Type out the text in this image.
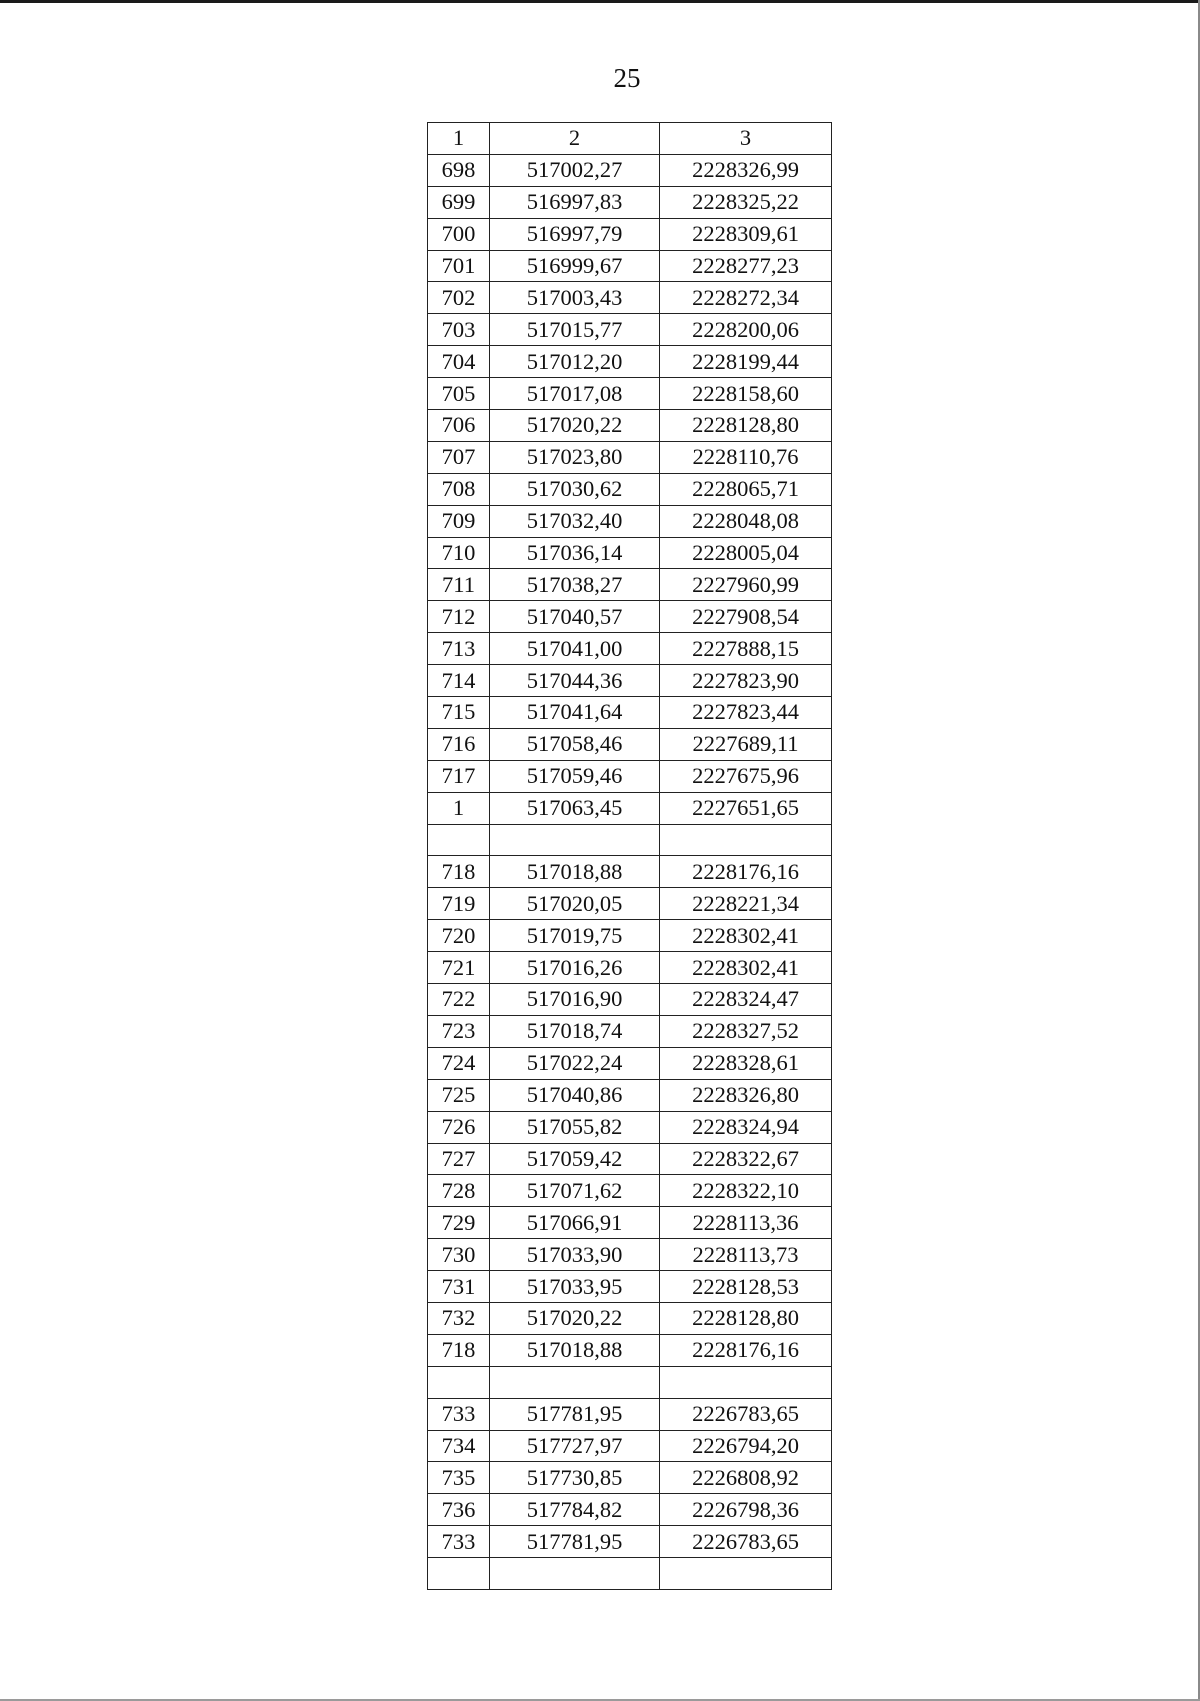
25
1	2	3
698	517002,27	2228326,99
699	516997,83	2228325,22
700	516997,79	2228309,61
701	516999,67	2228277,23
702	517003,43	2228272,34
703	517015,77	2228200,06
704	517012,20	2228199,44
705	517017,08	2228158,60
706	517020,22	2228128,80
707	517023,80	2228110,76
708	517030,62	2228065,71
709	517032,40	2228048,08
710	517036,14	2228005,04
711	517038,27	2227960,99
712	517040,57	2227908,54
713	517041,00	2227888,15
714	517044,36	2227823,90
715	517041,64	2227823,44
716	517058,46	2227689,11
717	517059,46	2227675,96
1	517063,45	2227651,65

718	517018,88	2228176,16
719	517020,05	2228221,34
720	517019,75	2228302,41
721	517016,26	2228302,41
722	517016,90	2228324,47
723	517018,74	2228327,52
724	517022,24	2228328,61
725	517040,86	2228326,80
726	517055,82	2228324,94
727	517059,42	2228322,67
728	517071,62	2228322,10
729	517066,91	2228113,36
730	517033,90	2228113,73
731	517033,95	2228128,53
732	517020,22	2228128,80
718	517018,88	2228176,16

733	517781,95	2226783,65
734	517727,97	2226794,20
735	517730,85	2226808,92
736	517784,82	2226798,36
733	517781,95	2226783,65
